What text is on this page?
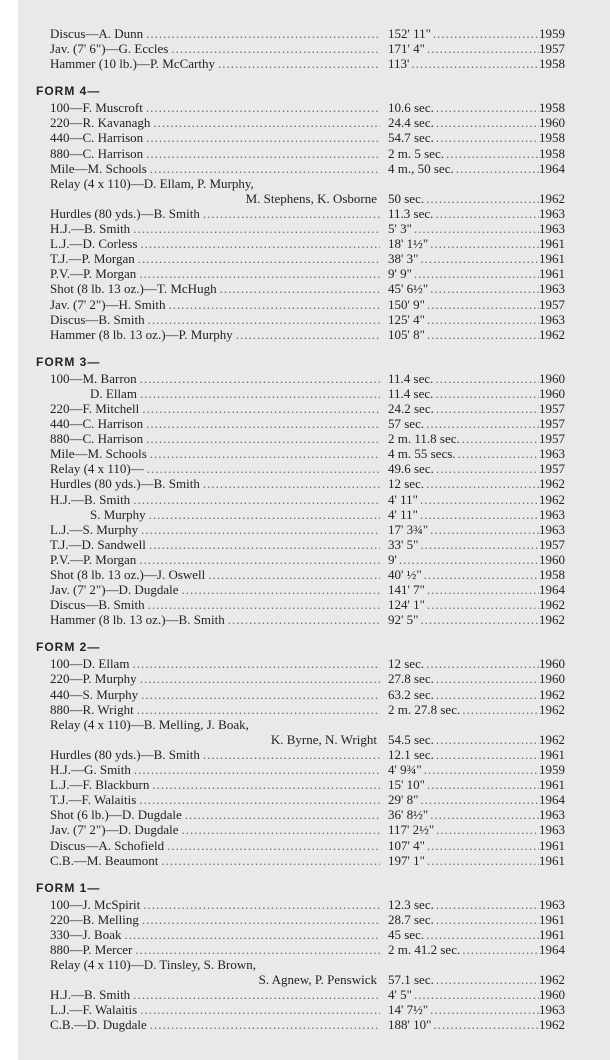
Discus—A. Dunn .....	152' 11" .....	1959
Jav. (7' 6")—G. Eccles .....	171' 4" .....	1957
Hammer (10 lb.)—P. McCarthy .....	113' .....	1958
FORM 4—
100—F. Muscroft .....	10.6 sec. .....	1958
220—R. Kavanagh .....	24.4 sec. .....	1960
440—C. Harrison .....	54.7 sec. .....	1958
880—C. Harrison .....	2 m. 5 sec. .....	1958
Mile—M. Schools .....	4 m., 50 sec. .....	1964
Relay (4 x 110)—D. Ellam, P. Murphy,
M. Stephens, K. Osborne 50 sec. .....	1962
Hurdles (80 yds.)—B. Smith .....	11.3 sec. .....	1963
H.J.—B. Smith .....	5' 3" .....	1963
L.J.—D. Corless .....	18' 1½" .....	1961
T.J.—P. Morgan .....	38' 3" .....	1961
P.V.—P. Morgan .....	9' 9" .....	1961
Shot (8 lb. 13 oz.)—T. McHugh .....	45' 6½" .....	1963
Jav. (7' 2")—H. Smith .....	150' 9" .....	1957
Discus—B. Smith .....	125' 4" .....	1963
Hammer (8 lb. 13 oz.)—P. Murphy .....	105' 8" .....	1962
FORM 3—
100—M. Barron .....	11.4 sec. .....	1960
D. Ellam .....	11.4 sec. .....	1960
220—F. Mitchell .....	24.2 sec. .....	1957
440—C. Harrison .....	57 sec. .....	1957
880—C. Harrison .....	2 m. 11.8 sec. .....	1957
Mile—M. Schools .....	4 m. 55 secs. .....	1963
Relay (4 x 110)— .....	49.6 sec. .....	1957
Hurdles (80 yds.)—B. Smith .....	12 sec. .....	1962
H.J.—B. Smith .....	4' 11" .....	1962
S. Murphy .....	4' 11" .....	1963
L.J.—S. Murphy .....	17' 3¾" .....	1963
T.J.—D. Sandwell .....	33' 5" .....	1957
P.V.—P. Morgan .....	9' .....	1960
Shot (8 lb. 13 oz.)—J. Oswell .....	40' ½" .....	1958
Jav. (7' 2")—D. Dugdale .....	141' 7" .....	1964
Discus—B. Smith .....	124' 1" .....	1962
Hammer (8 lb. 13 oz.)—B. Smith .....	92' 5" .....	1962
FORM 2—
100—D. Ellam .....	12 sec. .....	1960
220—P. Murphy .....	27.8 sec. .....	1960
440—S. Murphy .....	63.2 sec. .....	1962
880—R. Wright .....	2 m. 27.8 sec. .....	1962
Relay (4 x 110)—B. Melling, J. Boak,
K. Byrne, N. Wright 54.5 sec. .....	1962
Hurdles (80 yds.)—B. Smith .....	12.1 sec. .....	1961
H.J.—G. Smith .....	4' 9¾" .....	1959
L.J.—F. Blackburn .....	15' 10" .....	1961
T.J.—F. Walaitis .....	29' 8" .....	1964
Shot (6 lb.)—D. Dugdale .....	36' 8½" .....	1963
Jav. (7' 2")—D. Dugdale .....	117' 2½" .....	1963
Discus—A. Schofield .....	107' 4" .....	1961
C.B.—M. Beaumont .....	197' 1" .....	1961
FORM 1—
100—J. McSpirit .....	12.3 sec. .....	1963
220—B. Melling .....	28.7 sec. .....	1961
330—J. Boak .....	45 sec. .....	1961
880—P. Mercer .....	2 m. 41.2 sec. .....	1964
Relay (4 x 110)—D. Tinsley, S. Brown,
S. Agnew, P. Penswick 57.1 sec. .....	1962
H.J.—B. Smith .....	4' 5" .....	1960
L.J.—F. Walaitis .....	14' 7½" .....	1963
C.B.—D. Dugdale .....	188' 10" .....	1962
